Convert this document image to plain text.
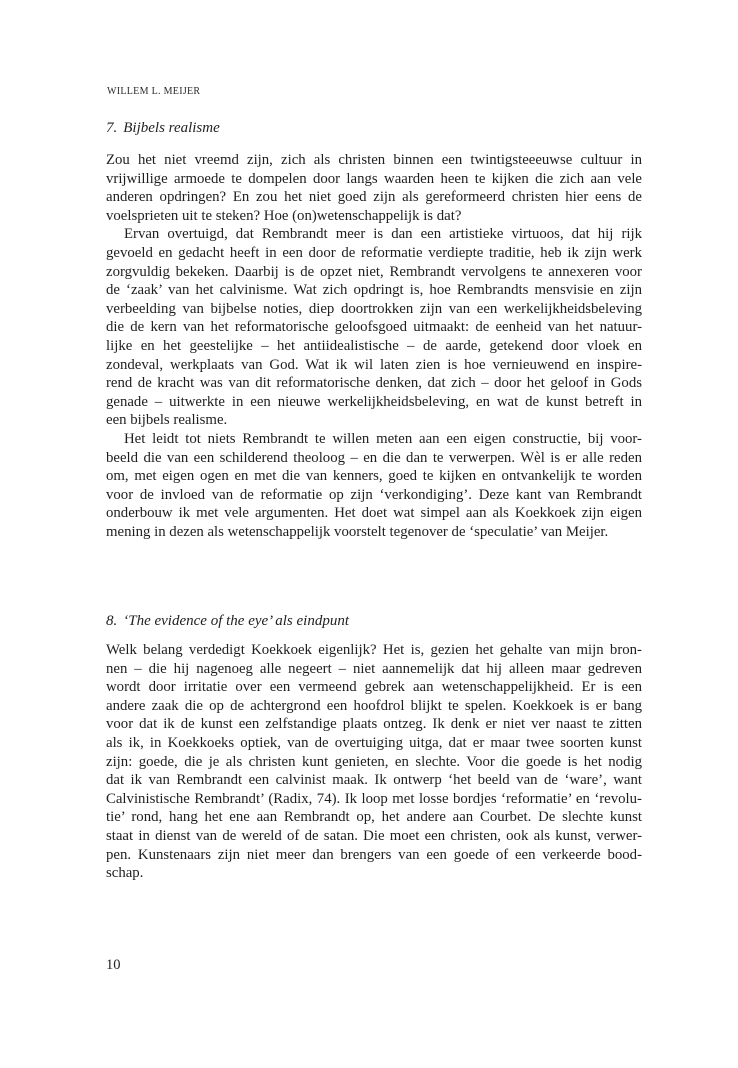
WILLEM L. MEIJER
7. Bijbels realisme
Zou het niet vreemd zijn, zich als christen binnen een twintigsteeeuwse cultuur in
vrijwillige armoede te dompelen door langs waarden heen te kijken die zich aan vele
anderen opdringen? En zou het niet goed zijn als gereformeerd christen hier eens de
voelsprieten uit te steken? Hoe (on)wetenschappelijk is dat?
Ervan overtuigd, dat Rembrandt meer is dan een artistieke virtuoos, dat hij rijk
gevoeld en gedacht heeft in een door de reformatie verdiepte traditie, heb ik zijn werk
zorgvuldig bekeken. Daarbij is de opzet niet, Rembrandt vervolgens te annexeren voor
de ‘zaak’ van het calvinisme. Wat zich opdringt is, hoe Rembrandts mensvisie en zijn
verbeelding van bijbelse noties, diep doortrokken zijn van een werkelijkheidsbeleving
die de kern van het reformatorische geloofsgoed uitmaakt: de eenheid van het natuur-
lijke en het geestelijke – het antiidealistische – de aarde, getekend door vloek en
zondeval, werkplaats van God. Wat ik wil laten zien is hoe vernieuwend en inspire-
rend de kracht was van dit reformatorische denken, dat zich – door het geloof in Gods
genade – uitwerkte in een nieuwe werkelijkheidsbeleving, en wat de kunst betreft in
een bijbels realisme.
Het leidt tot niets Rembrandt te willen meten aan een eigen constructie, bij voor-
beeld die van een schilderend theoloog – en die dan te verwerpen. Wèl is er alle reden
om, met eigen ogen en met die van kenners, goed te kijken en ontvankelijk te worden
voor de invloed van de reformatie op zijn ‘verkondiging’. Deze kant van Rembrandt
onderbouw ik met vele argumenten. Het doet wat simpel aan als Koekkoek zijn eigen
mening in dezen als wetenschappelijk voorstelt tegenover de ‘speculatie’ van Meijer.
8. ‘The evidence of the eye’ als eindpunt
Welk belang verdedigt Koekkoek eigenlijk? Het is, gezien het gehalte van mijn bron-
nen – die hij nagenoeg alle negeert – niet aannemelijk dat hij alleen maar gedreven
wordt door irritatie over een vermeend gebrek aan wetenschappelijkheid. Er is een
andere zaak die op de achtergrond een hoofdrol blijkt te spelen. Koekkoek is er bang
voor dat ik de kunst een zelfstandige plaats ontzeg. Ik denk er niet ver naast te zitten
als ik, in Koekkoeks optiek, van de overtuiging uitga, dat er maar twee soorten kunst
zijn: goede, die je als christen kunt genieten, en slechte. Voor die goede is het nodig
dat ik van Rembrandt een calvinist maak. Ik ontwerp ‘het beeld van de ‘ware’, want
Calvinistische Rembrandt’ (Radix, 74). Ik loop met losse bordjes ‘reformatie’ en ‘revolu-
tie’ rond, hang het ene aan Rembrandt op, het andere aan Courbet. De slechte kunst
staat in dienst van de wereld of de satan. Die moet een christen, ook als kunst, verwer-
pen. Kunstenaars zijn niet meer dan brengers van een goede of een verkeerde bood-
schap.
10
